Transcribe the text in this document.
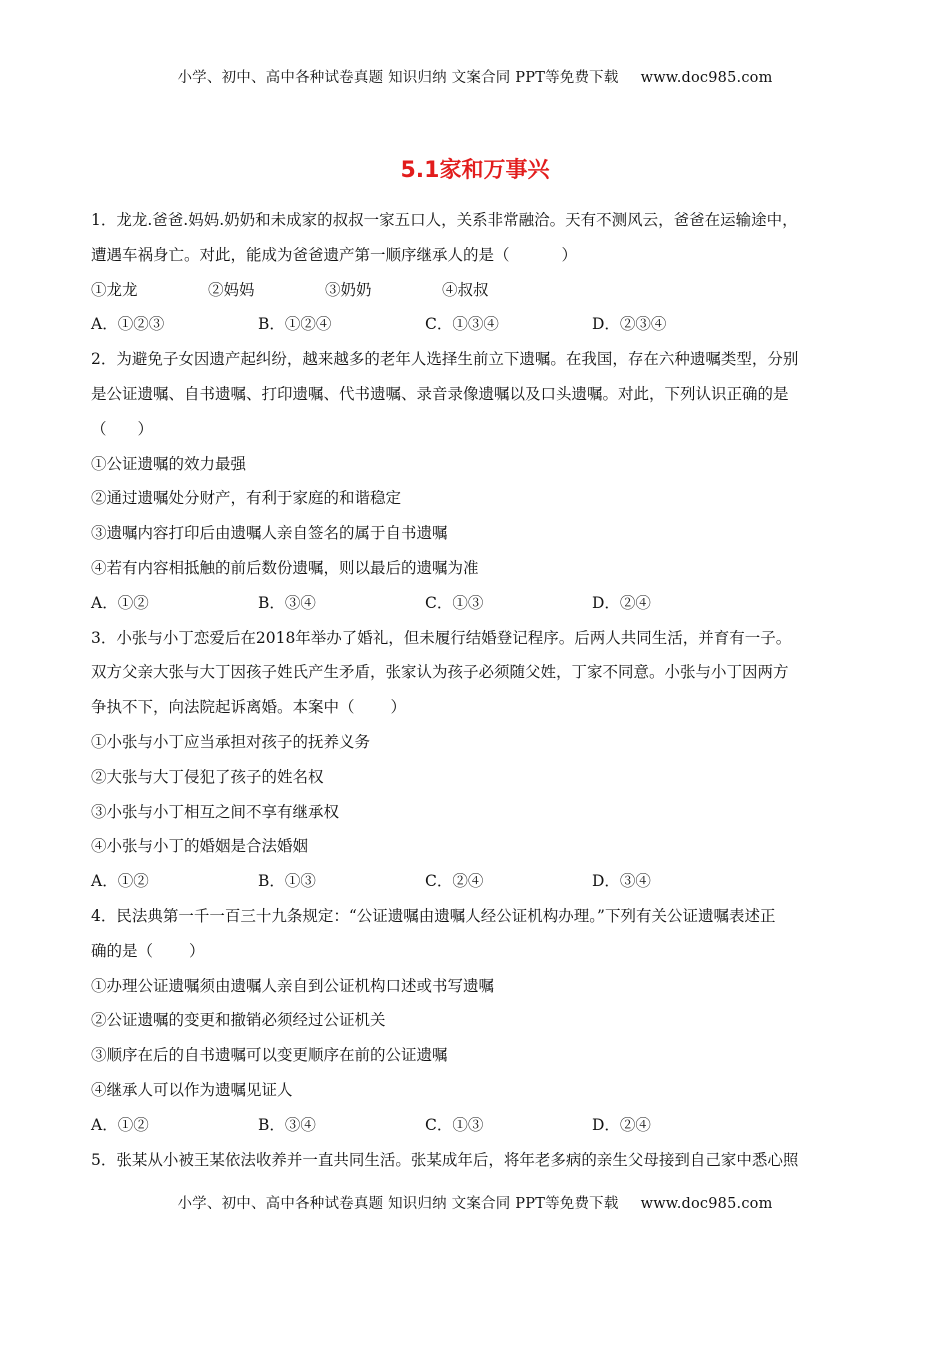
小学、初中、高中各种试卷真题 知识归纳 文案合同 PPT等免费下载 www.doc985.com
5.1家和万事兴
1．龙龙.爸爸.妈妈.奶奶和未成家的叔叔一家五口人，关系非常融洽。天有不测风云，爸爸在运输途中，
遭遇车祸身亡。对此，能成为爸爸遗产第一顺序继承人的是（	）
①龙龙	②妈妈	③奶奶	④叔叔
A．①②③	B．①②④	C．①③④	D．②③④
2．为避免子女因遗产起纠纷，越来越多的老年人选择生前立下遗嘱。在我国，存在六种遗嘱类型，分别
是公证遗嘱、自书遗嘱、打印遗嘱、代书遗嘱、录音录像遗嘱以及口头遗嘱。对此，下列认识正确的是
（　　）
①公证遗嘱的效力最强
②通过遗嘱处分财产，有利于家庭的和谐稳定
③遗嘱内容打印后由遗嘱人亲自签名的属于自书遗嘱
④若有内容相抵触的前后数份遗嘱，则以最后的遗嘱为准
A．①②	B．③④	C．①③	D．②④
3．小张与小丁恋爱后在2018年举办了婚礼，但未履行结婚登记程序。后两人共同生活，并育有一子。
双方父亲大张与大丁因孩子姓氏产生矛盾，张家认为孩子必须随父姓，丁家不同意。小张与小丁因两方
争执不下，向法院起诉离婚。本案中（ ）
①小张与小丁应当承担对孩子的抚养义务
②大张与大丁侵犯了孩子的姓名权
③小张与小丁相互之间不享有继承权
④小张与小丁的婚姻是合法婚姻
A．①②	B．①③	C．②④	D．③④
4．民法典第一千一百三十九条规定：“公证遗嘱由遗嘱人经公证机构办理。”下列有关公证遗嘱表述正
确的是（ ）
①办理公证遗嘱须由遗嘱人亲自到公证机构口述或书写遗嘱
②公证遗嘱的变更和撤销必须经过公证机关
③顺序在后的自书遗嘱可以变更顺序在前的公证遗嘱
④继承人可以作为遗嘱见证人
A．①②	B．③④	C．①③	D．②④
5．张某从小被王某依法收养并一直共同生活。张某成年后，将年老多病的亲生父母接到自己家中悉心照
小学、初中、高中各种试卷真题 知识归纳 文案合同 PPT等免费下载 www.doc985.com
